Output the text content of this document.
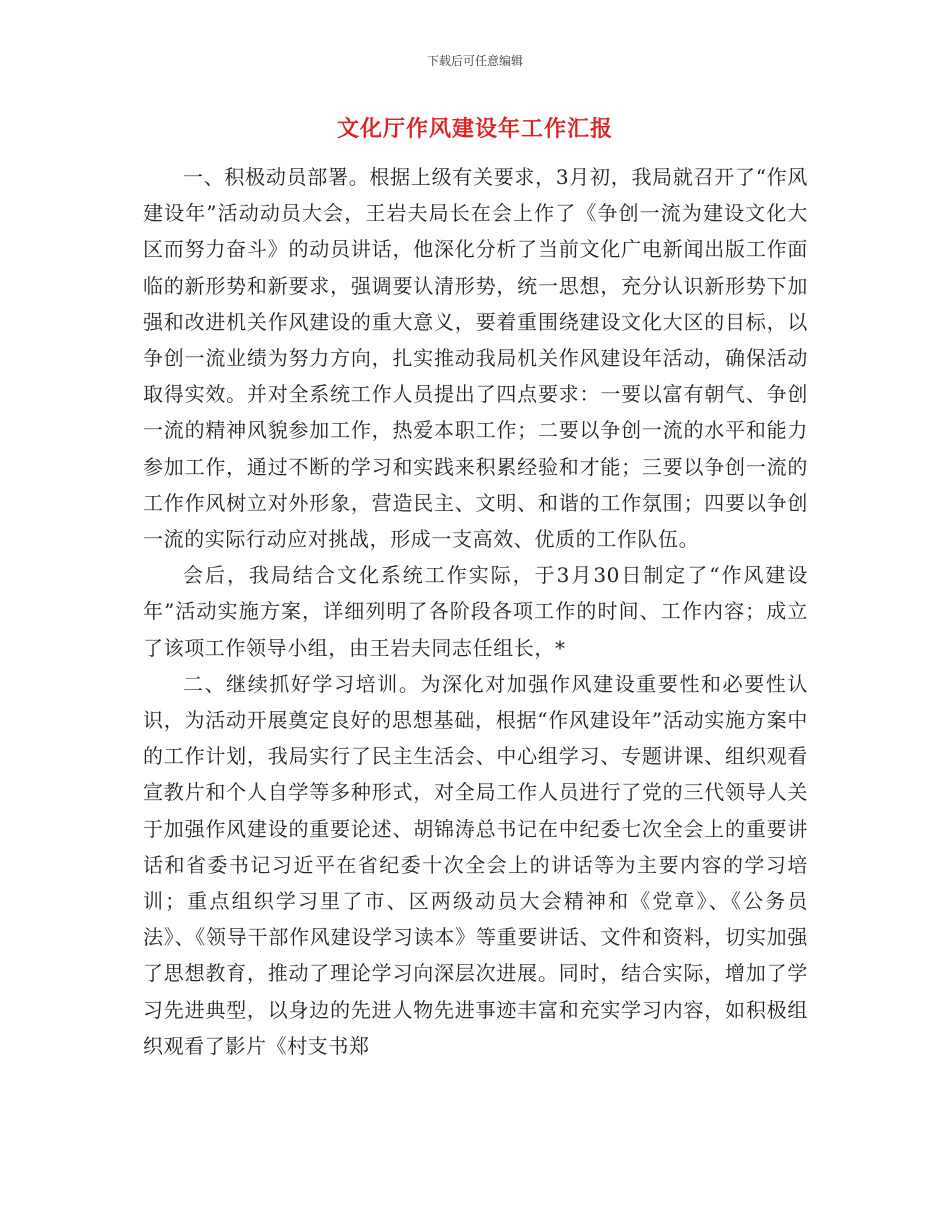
下载后可任意编辑
文化厅作风建设年工作汇报

一、积极动员部署。根据上级有关要求，3月初，我局就召开了“作风建设年”活动动员大会，王岩夫局长在会上作了《争创一流为建设文化大区而努力奋斗》的动员讲话，他深化分析了当前文化广电新闻出版工作面临的新形势和新要求，强调要认清形势，统一思想，充分认识新形势下加强和改进机关作风建设的重大意义，要着重围绕建设文化大区的目标，以争创一流业绩为努力方向，扎实推动我局机关作风建设年活动，确保活动取得实效。并对全系统工作人员提出了四点要求：一要以富有朝气、争创一流的精神风貌参加工作，热爱本职工作；二要以争创一流的水平和能力参加工作，通过不断的学习和实践来积累经验和才能；三要以争创一流的工作作风树立对外形象，营造民主、文明、和谐的工作氛围；四要以争创一流的实际行动应对挑战，形成一支高效、优质的工作队伍。

会后，我局结合文化系统工作实际，于3月30日制定了“作风建设年”活动实施方案，详细列明了各阶段各项工作的时间、工作内容；成立了该项工作领导小组，由王岩夫同志任组长，*

二、继续抓好学习培训。为深化对加强作风建设重要性和必要性认识，为活动开展奠定良好的思想基础，根据“作风建设年”活动实施方案中的工作计划，我局实行了民主生活会、中心组学习、专题讲课、组织观看宣教片和个人自学等多种形式，对全局工作人员进行了党的三代领导人关于加强作风建设的重要论述、胡锦涛总书记在中纪委七次全会上的重要讲话和省委书记习近平在省纪委十次全会上的讲话等为主要内容的学习培训；重点组织学习里了市、区两级动员大会精神和《党章》、《公务员法》、《领导干部作风建设学习读本》等重要讲话、文件和资料，切实加强了思想教育，推动了理论学习向深层次进展。同时，结合实际，增加了学习先进典型，以身边的先进人物先进事迹丰富和充实学习内容，如积极组织观看了影片《村支书郑
